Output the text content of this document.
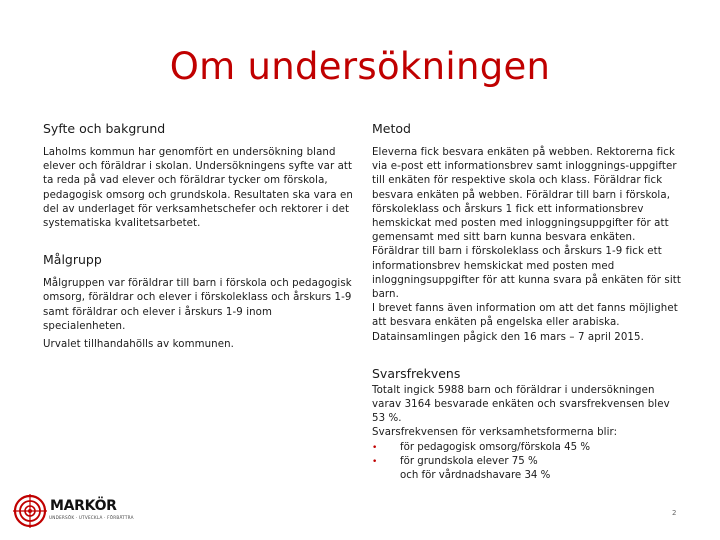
Om undersökningen
Syfte och bakgrund

Laholms kommun har genomfört en undersökning bland elever och föräldrar i skolan. Undersökningens syfte var att ta reda på vad elever och föräldrar tycker om förskola, pedagogisk omsorg och grundskola. Resultaten ska vara en del av underlaget för verksamhetschefer och rektorer i det systematiska kvalitetsarbetet.

Målgrupp

Målgruppen var föräldrar till barn i förskola och pedagogisk omsorg, föräldrar och elever i förskoleklass och årskurs 1-9 samt föräldrar och elever i årskurs 1-9 inom specialenheten.

Urvalet tillhandahölls av kommunen.

Metod

Eleverna fick besvara enkäten på webben. Rektorerna fick via e-post ett informationsbrev samt inloggnings-uppgifter till enkäten för respektive skola och klass. Föräldrar fick besvara enkäten på webben. Föräldrar till barn i förskola, förskoleklass och årskurs 1 fick ett informationsbrev hemskickat med posten med inloggningsuppgifter för att gemensamt med sitt barn kunna besvara enkäten. Föräldrar till barn i förskoleklass och årskurs 1-9 fick ett informationsbrev hemskickat med posten med inloggningsuppgifter för att kunna svara på enkäten för sitt barn.

I brevet fanns även information om att det fanns möjlighet att besvara enkäten på engelska eller arabiska.

Datainsamlingen pågick den 16 mars – 7 april 2015.

Svarsfrekvens

Totalt ingick 5988 barn och föräldrar i undersökningen varav 3164 besvarade enkäten och svarsfrekvensen blev 53 %.

Svarsfrekvensen för verksamhetsformerna blir:

•	för pedagogisk omsorg/förskola 45 %
•	för grundskola elever 75 %
och för vårdnadshavare 34 %
MARKÖR
UNDERSÖK · UTVECKLA · FÖRBÄTTRA
2
